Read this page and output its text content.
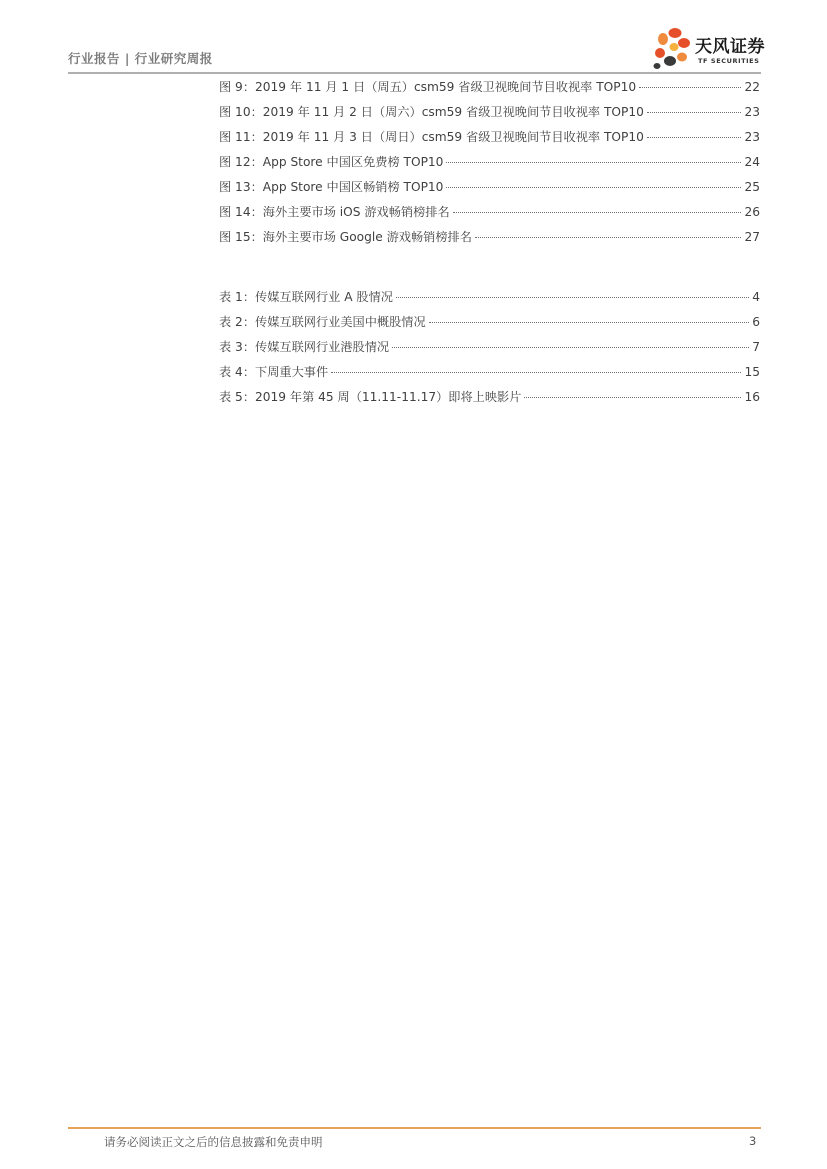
行业报告 | 行业研究周报
天风证券
TF SECURITIES
图 9：2019 年 11 月 1 日（周五）csm59 省级卫视晚间节目收视率 TOP10	22
图 10：2019 年 11 月 2 日（周六）csm59 省级卫视晚间节目收视率 TOP10	23
图 11：2019 年 11 月 3 日（周日）csm59 省级卫视晚间节目收视率 TOP10	23
图 12：App Store 中国区免费榜 TOP10	24
图 13：App Store 中国区畅销榜 TOP10	25
图 14：海外主要市场 iOS 游戏畅销榜排名	26
图 15：海外主要市场 Google 游戏畅销榜排名	27
表 1：传媒互联网行业 A 股情况	4
表 2：传媒互联网行业美国中概股情况	6
表 3：传媒互联网行业港股情况	7
表 4：下周重大事件	15
表 5：2019 年第 45 周（11.11-11.17）即将上映影片	16
请务必阅读正文之后的信息披露和免责申明	3
